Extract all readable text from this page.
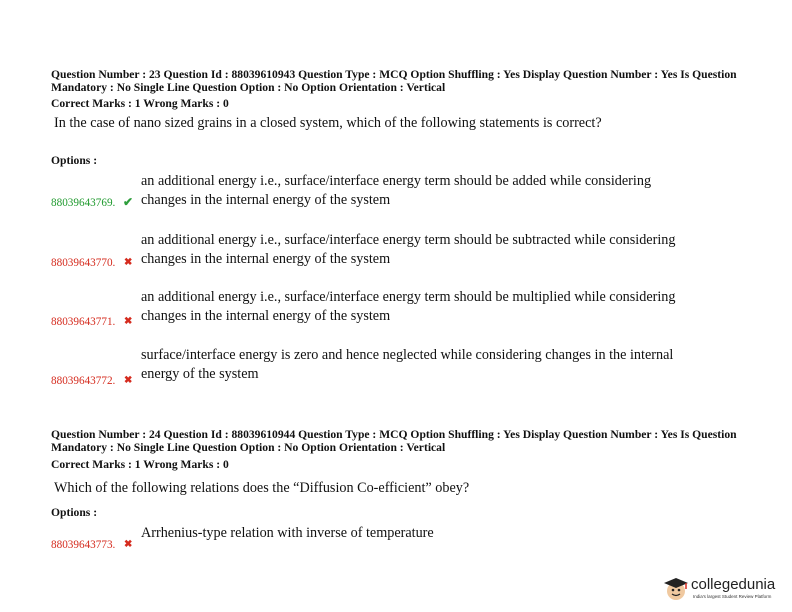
Question Number : 23 Question Id : 88039610943 Question Type : MCQ Option Shuffling : Yes Display Question Number : Yes Is Question Mandatory : No Single Line Question Option : No Option Orientation : Vertical
Correct Marks : 1 Wrong Marks : 0
In the case of nano sized grains in a closed system, which of the following statements is correct?
Options :
an additional energy i.e., surface/interface energy term should be added while considering changes in the internal energy of the system
88039643769. ✔
an additional energy i.e., surface/interface energy term should be subtracted while considering changes in the internal energy of the system
88039643770. ✖
an additional energy i.e., surface/interface energy term should be multiplied while considering changes in the internal energy of the system
88039643771. ✖
surface/interface energy is zero and hence neglected while considering changes in the internal energy of the system
88039643772. ✖
Question Number : 24 Question Id : 88039610944 Question Type : MCQ Option Shuffling : Yes Display Question Number : Yes Is Question Mandatory : No Single Line Question Option : No Option Orientation : Vertical
Correct Marks : 1 Wrong Marks : 0
Which of the following relations does the “Diffusion Co-efficient” obey?
Options :
Arrhenius-type relation with inverse of temperature
88039643773. ✖
collegedunia
India's largest Student Review Platform
